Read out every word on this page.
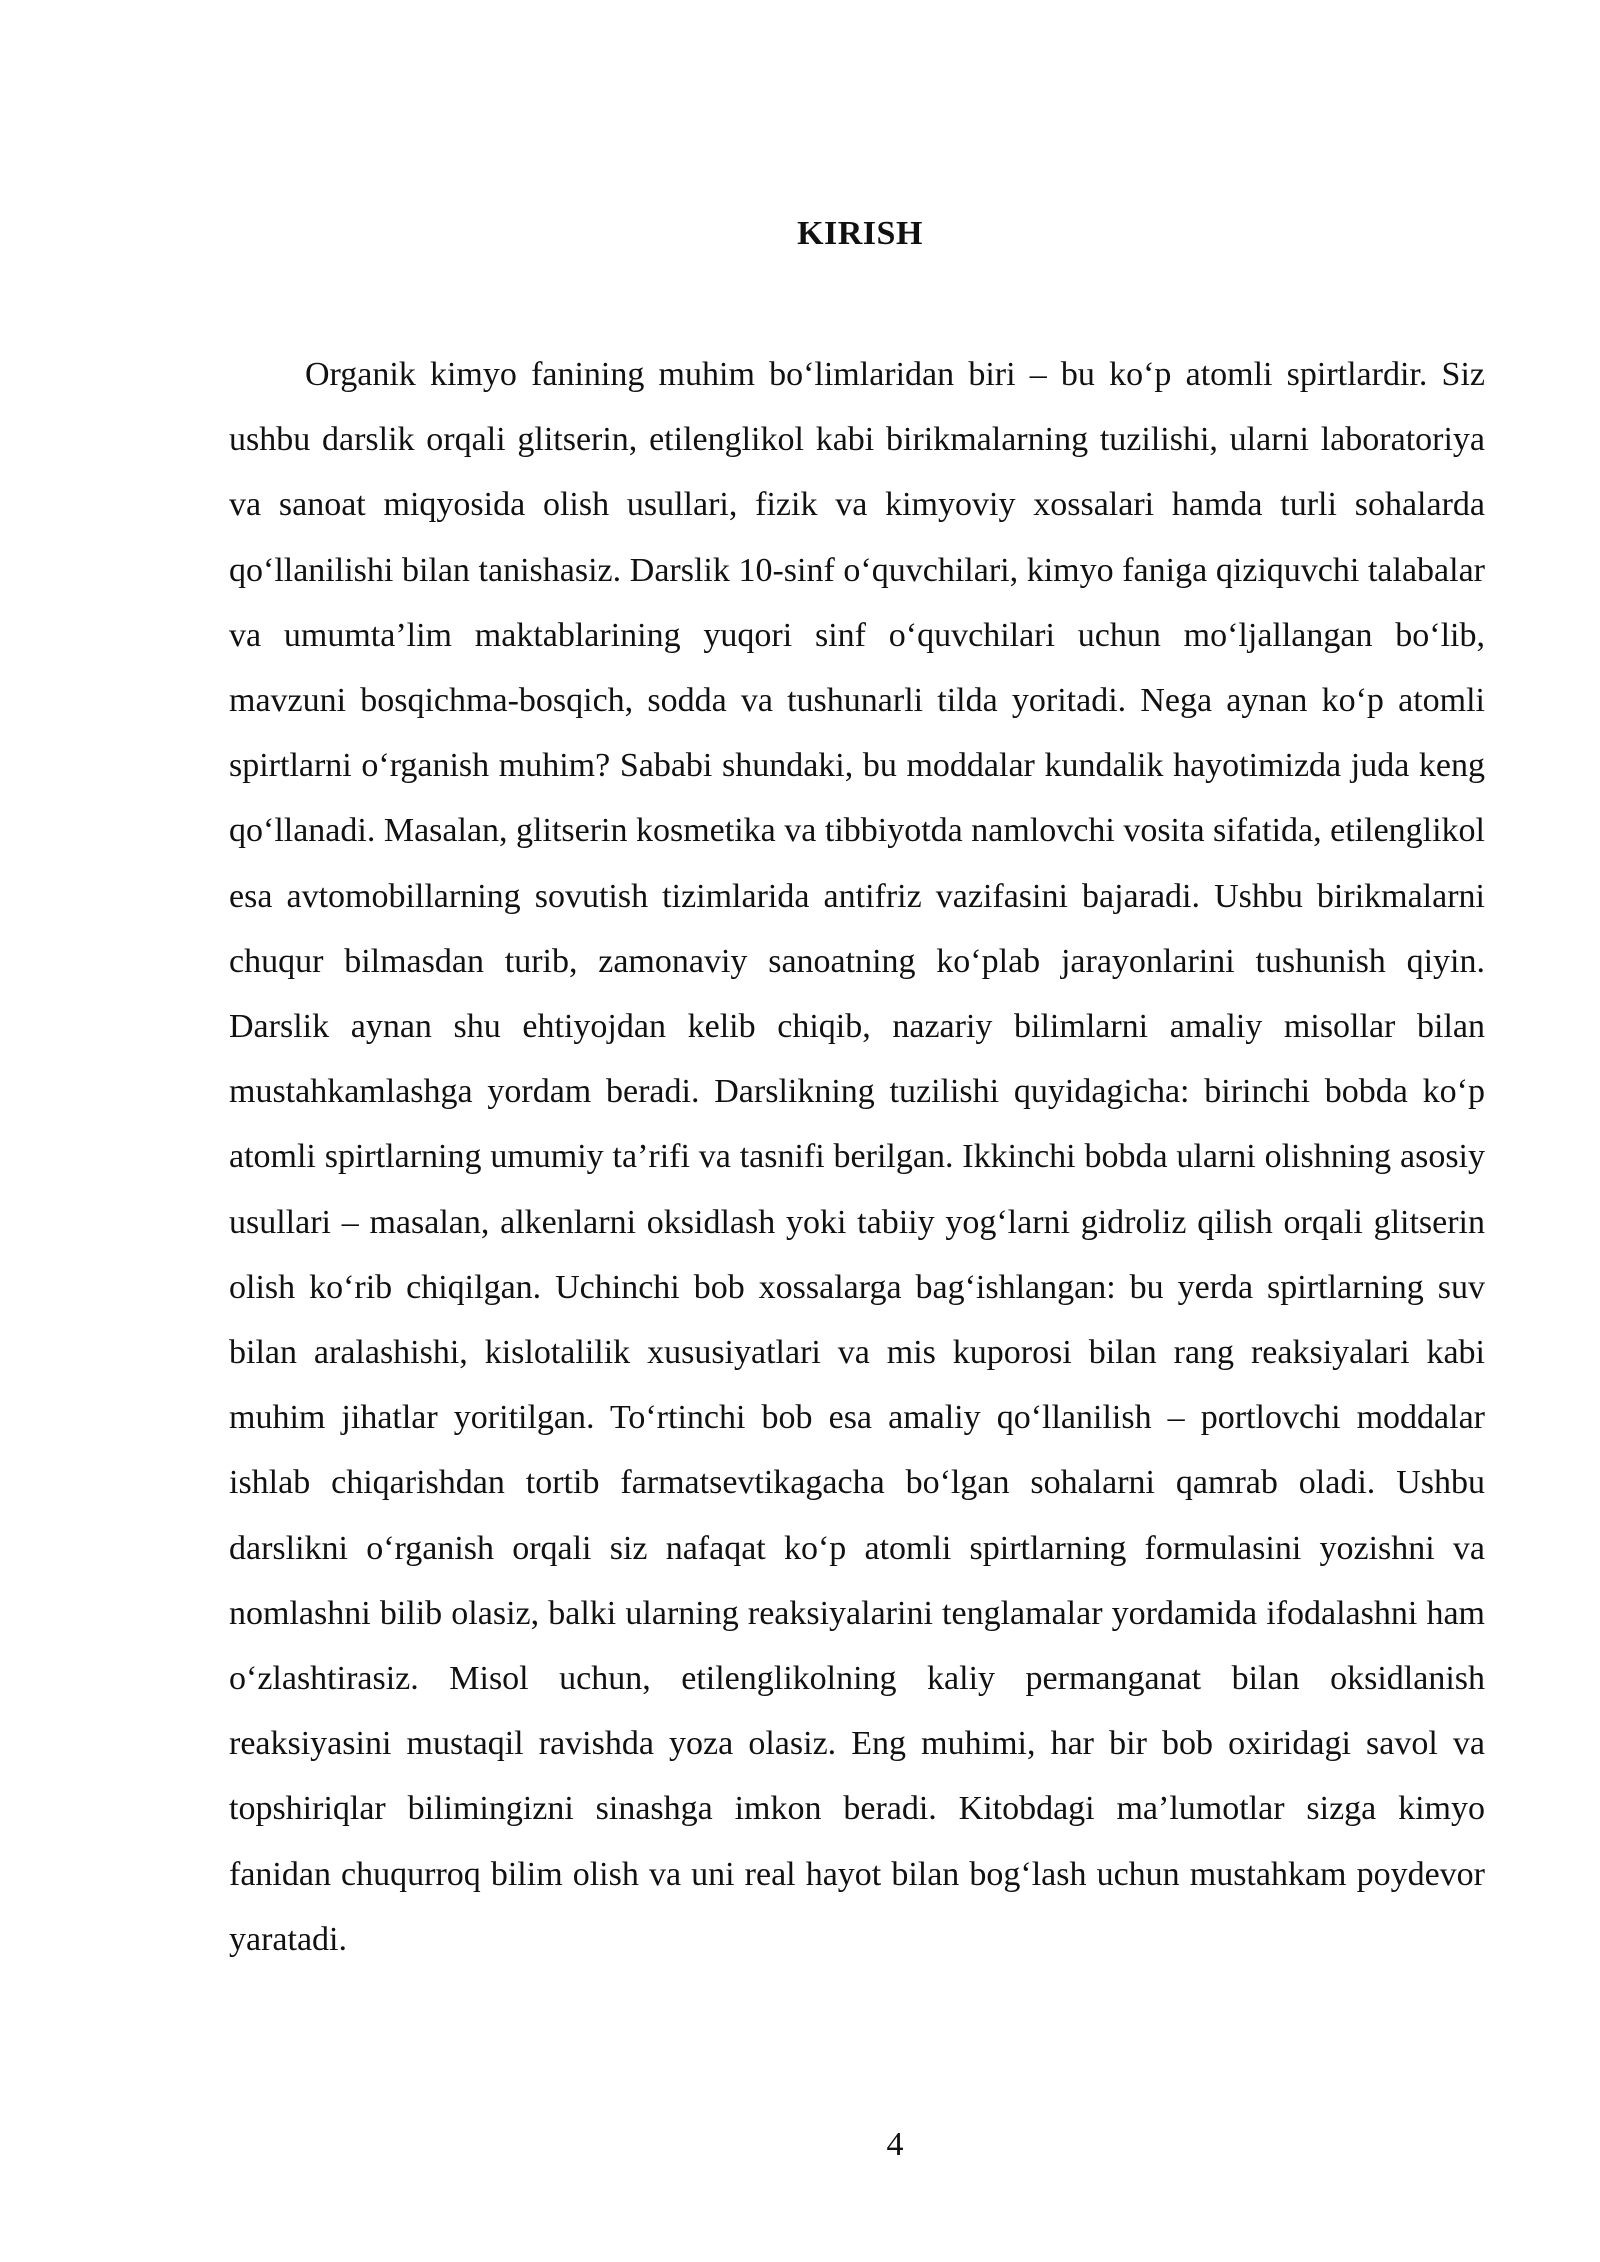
KIRISH

Organik kimyo fanining muhim bo‘limlaridan biri – bu ko‘p atomli spirtlardir. Siz ushbu darslik orqali glitserin, etilenglikol kabi birikmalarning tuzilishi, ularni laboratoriya va sanoat miqyosida olish usullari, fizik va kimyoviy xossalari hamda turli sohalarda qo‘llanilishi bilan tanishasiz. Darslik 10-sinf o‘quvchilari, kimyo faniga qiziquvchi talabalar va umumta’lim maktablarining yuqori sinf o‘quvchilari uchun mo‘ljallangan bo‘lib, mavzuni bosqichma-bosqich, sodda va tushunarli tilda yoritadi. Nega aynan ko‘p atomli spirtlarni o‘rganish muhim? Sababi shundaki, bu moddalar kundalik hayotimizda juda keng qo‘llanadi. Masalan, glitserin kosmetika va tibbiyotda namlovchi vosita sifatida, etilenglikol esa avtomobillarning sovutish tizimlarida antifriz vazifasini bajaradi. Ushbu birikmalarni chuqur bilmasdan turib, zamonaviy sanoatning ko‘plab jarayonlarini tushunish qiyin. Darslik aynan shu ehtiyojdan kelib chiqib, nazariy bilimlarni amaliy misollar bilan mustahkamlashga yordam beradi. Darslikning tuzilishi quyidagicha: birinchi bobda ko‘p atomli spirtlarning umumiy ta’rifi va tasnifi berilgan. Ikkinchi bobda ularni olishning asosiy usullari – masalan, alkenlarni oksidlash yoki tabiiy yog‘larni gidroliz qilish orqali glitserin olish ko‘rib chiqilgan. Uchinchi bob xossalarga bag‘ishlangan: bu yerda spirtlarning suv bilan aralashishi, kislotalilik xususiyatlari va mis kuporosi bilan rang reaksiyalari kabi muhim jihatlar yoritilgan. To‘rtinchi bob esa amaliy qo‘llanilish – portlovchi moddalar ishlab chiqarishdan tortib farmatsevtikagacha bo‘lgan sohalarni qamrab oladi. Ushbu darslikni o‘rganish orqali siz nafaqat ko‘p atomli spirtlarning formulasini yozishni va nomlashni bilib olasiz, balki ularning reaksiyalarini tenglamalar yordamida ifodalashni ham o‘zlashtirasiz. Misol uchun, etilenglikolning kaliy permanganat bilan oksidlanish reaksiyasini mustaqil ravishda yoza olasiz. Eng muhimi, har bir bob oxiridagi savol va topshiriqlar bilimingizni sinashga imkon beradi. Kitobdagi ma’lumotlar sizga kimyo fanidan chuqurroq bilim olish va uni real hayot bilan bog‘lash uchun mustahkam poydevor yaratadi.

4
